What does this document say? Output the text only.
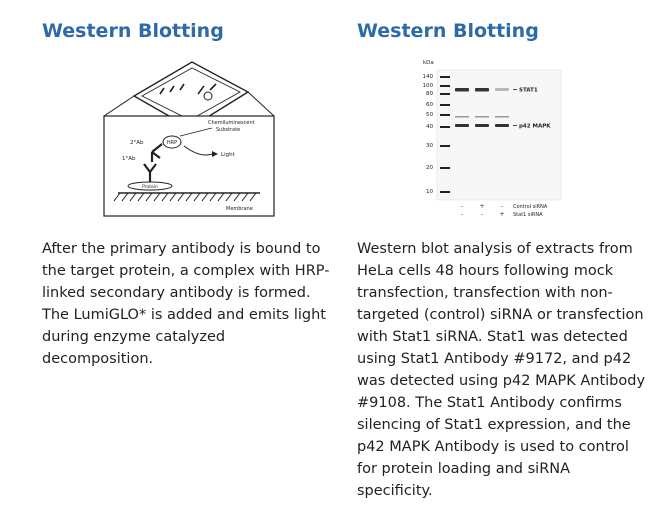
Western Blotting
Chemiluminescent
Substrate
HRP
Light
2°Ab
1°Ab
Protein
Membrane

After the primary antibody is bound to the target protein, a complex with HRP-linked secondary antibody is formed. The LumiGLO* is added and emits light during enzyme catalyzed decomposition.

Western Blotting
kDa
140
100
80
60
50
40
30
20
10
STAT1
p42 MAPK
-	+	-
-	-	+
Control siRNA
Stat1 siRNA

Western blot analysis of extracts from HeLa cells 48 hours following mock transfection, transfection with non-targeted (control) siRNA or transfection with Stat1 siRNA. Stat1 was detected using Stat1 Antibody #9172, and p42 was detected using p42 MAPK Antibody #9108. The Stat1 Antibody confirms silencing of Stat1 expression, and the p42 MAPK Antibody is used to control for protein loading and siRNA specificity.
